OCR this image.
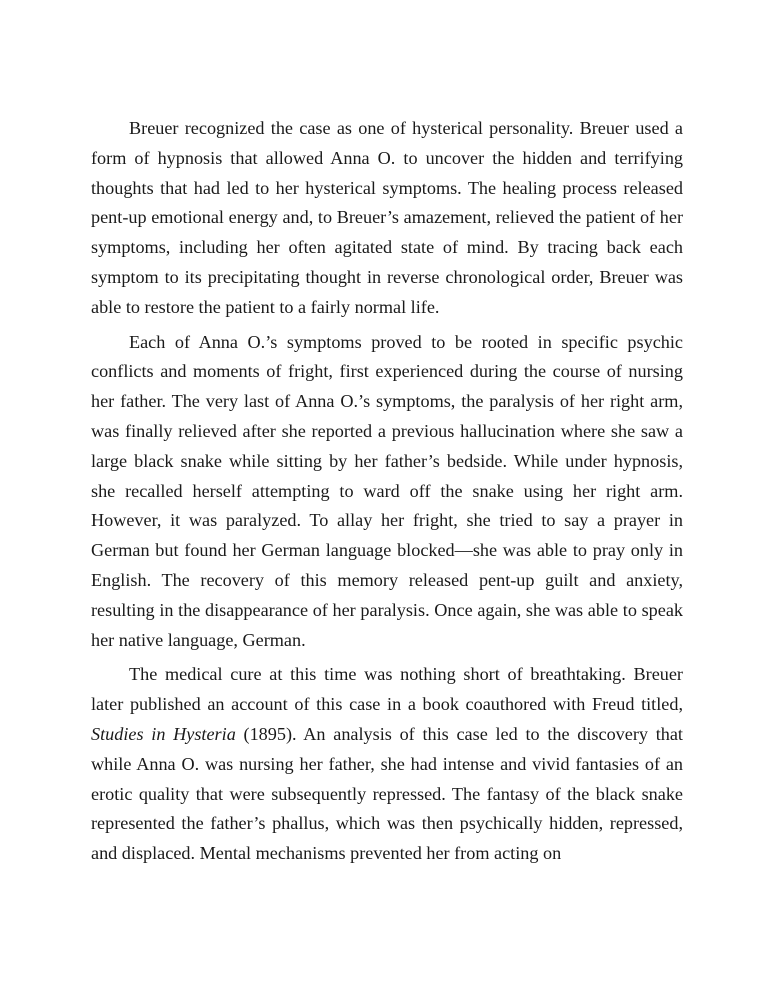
Breuer recognized the case as one of hysterical personality. Breuer used a form of hypnosis that allowed Anna O. to uncover the hidden and terrifying thoughts that had led to her hysterical symptoms. The healing process released pent-up emotional energy and, to Breuer’s amazement, relieved the patient of her symptoms, including her often agitated state of mind. By tracing back each symptom to its precipitating thought in reverse chronological order, Breuer was able to restore the patient to a fairly normal life.

Each of Anna O.’s symptoms proved to be rooted in specific psychic conflicts and moments of fright, first experienced during the course of nursing her father. The very last of Anna O.’s symptoms, the paralysis of her right arm, was finally relieved after she reported a previous hallucination where she saw a large black snake while sitting by her father’s bedside. While under hypnosis, she recalled herself attempting to ward off the snake using her right arm. However, it was paralyzed. To allay her fright, she tried to say a prayer in German but found her German language blocked—she was able to pray only in English. The recovery of this memory released pent-up guilt and anxiety, resulting in the disappearance of her paralysis. Once again, she was able to speak her native language, German.

The medical cure at this time was nothing short of breathtaking. Breuer later published an account of this case in a book coauthored with Freud titled, Studies in Hysteria (1895). An analysis of this case led to the discovery that while Anna O. was nursing her father, she had intense and vivid fantasies of an erotic quality that were subsequently repressed. The fantasy of the black snake represented the father’s phallus, which was then psychically hidden, repressed, and displaced. Mental mechanisms prevented her from acting on
